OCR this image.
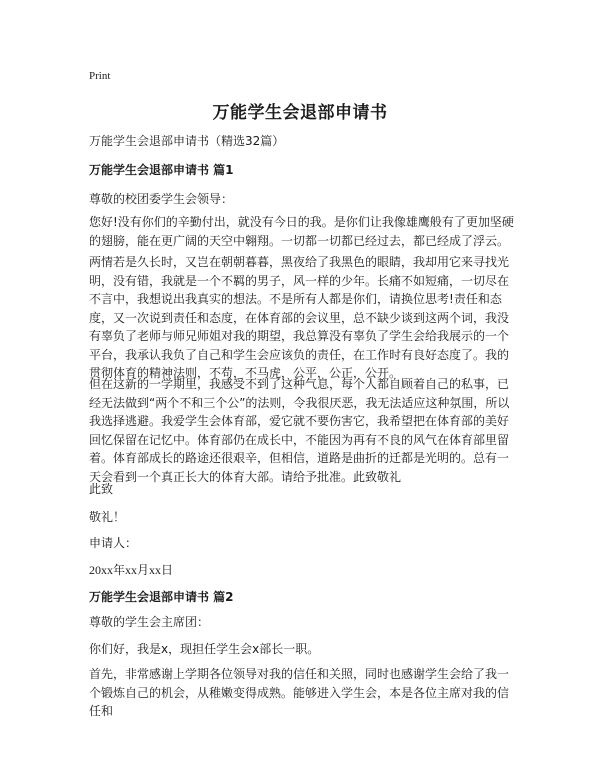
Print
万能学生会退部申请书
万能学生会退部申请书（精选32篇）
万能学生会退部申请书 篇1
尊敬的校团委学生会领导：

您好!没有你们的辛勤付出，就没有今日的我。是你们让我像雄鹰般有了更加坚硬的翅膀，能在更广阔的天空中翱翔。一切都一切都已经过去，都已经成了浮云。

两情若是久长时，又岂在朝朝暮暮，黑夜给了我黑色的眼睛，我却用它来寻找光明，没有错，我就是一个不羁的男子，风一样的少年。长痛不如短痛，一切尽在不言中，我想说出我真实的想法。不是所有人都是你们，请换位思考!责任和态度，又一次说到责任和态度，在体育部的会议里，总不缺少谈到这两个词，我没有辜负了老师与师兄师姐对我的期望，我总算没有辜负了学生会给我展示的一个平台，我承认我负了自己和学生会应该负的责任，在工作时有良好态度了。我的贯彻体育的精神法则，不苟，不马虎，公平，公正，公开。

但在这新的一学期里，我感受不到了这种气息，每个人都自顾着自己的私事，已经无法做到“两个不和三个公”的法则，令我很厌恶，我无法适应这种氛围，所以我选择逃避。我爱学生会体育部，爱它就不要伤害它，我希望把在体育部的美好回忆保留在记忆中。体育部仍在成长中，不能因为再有不良的风气在体育部里留着。体育部成长的路途还很艰辛，但相信，道路是曲折的迁都是光明的。总有一天会看到一个真正长大的体育大部。请给予批准。此致敬礼

此致
敬礼！
申请人：
20xx年xx月xx日
万能学生会退部申请书 篇2
尊敬的学生会主席团：

你们好，我是x，现担任学生会x部长一职。

首先，非常感谢上学期各位领导对我的信任和关照，同时也感谢学生会给了我一个锻炼自己的机会，从稚嫩变得成熟。能够进入学生会，本是各位主席对我的信任和
